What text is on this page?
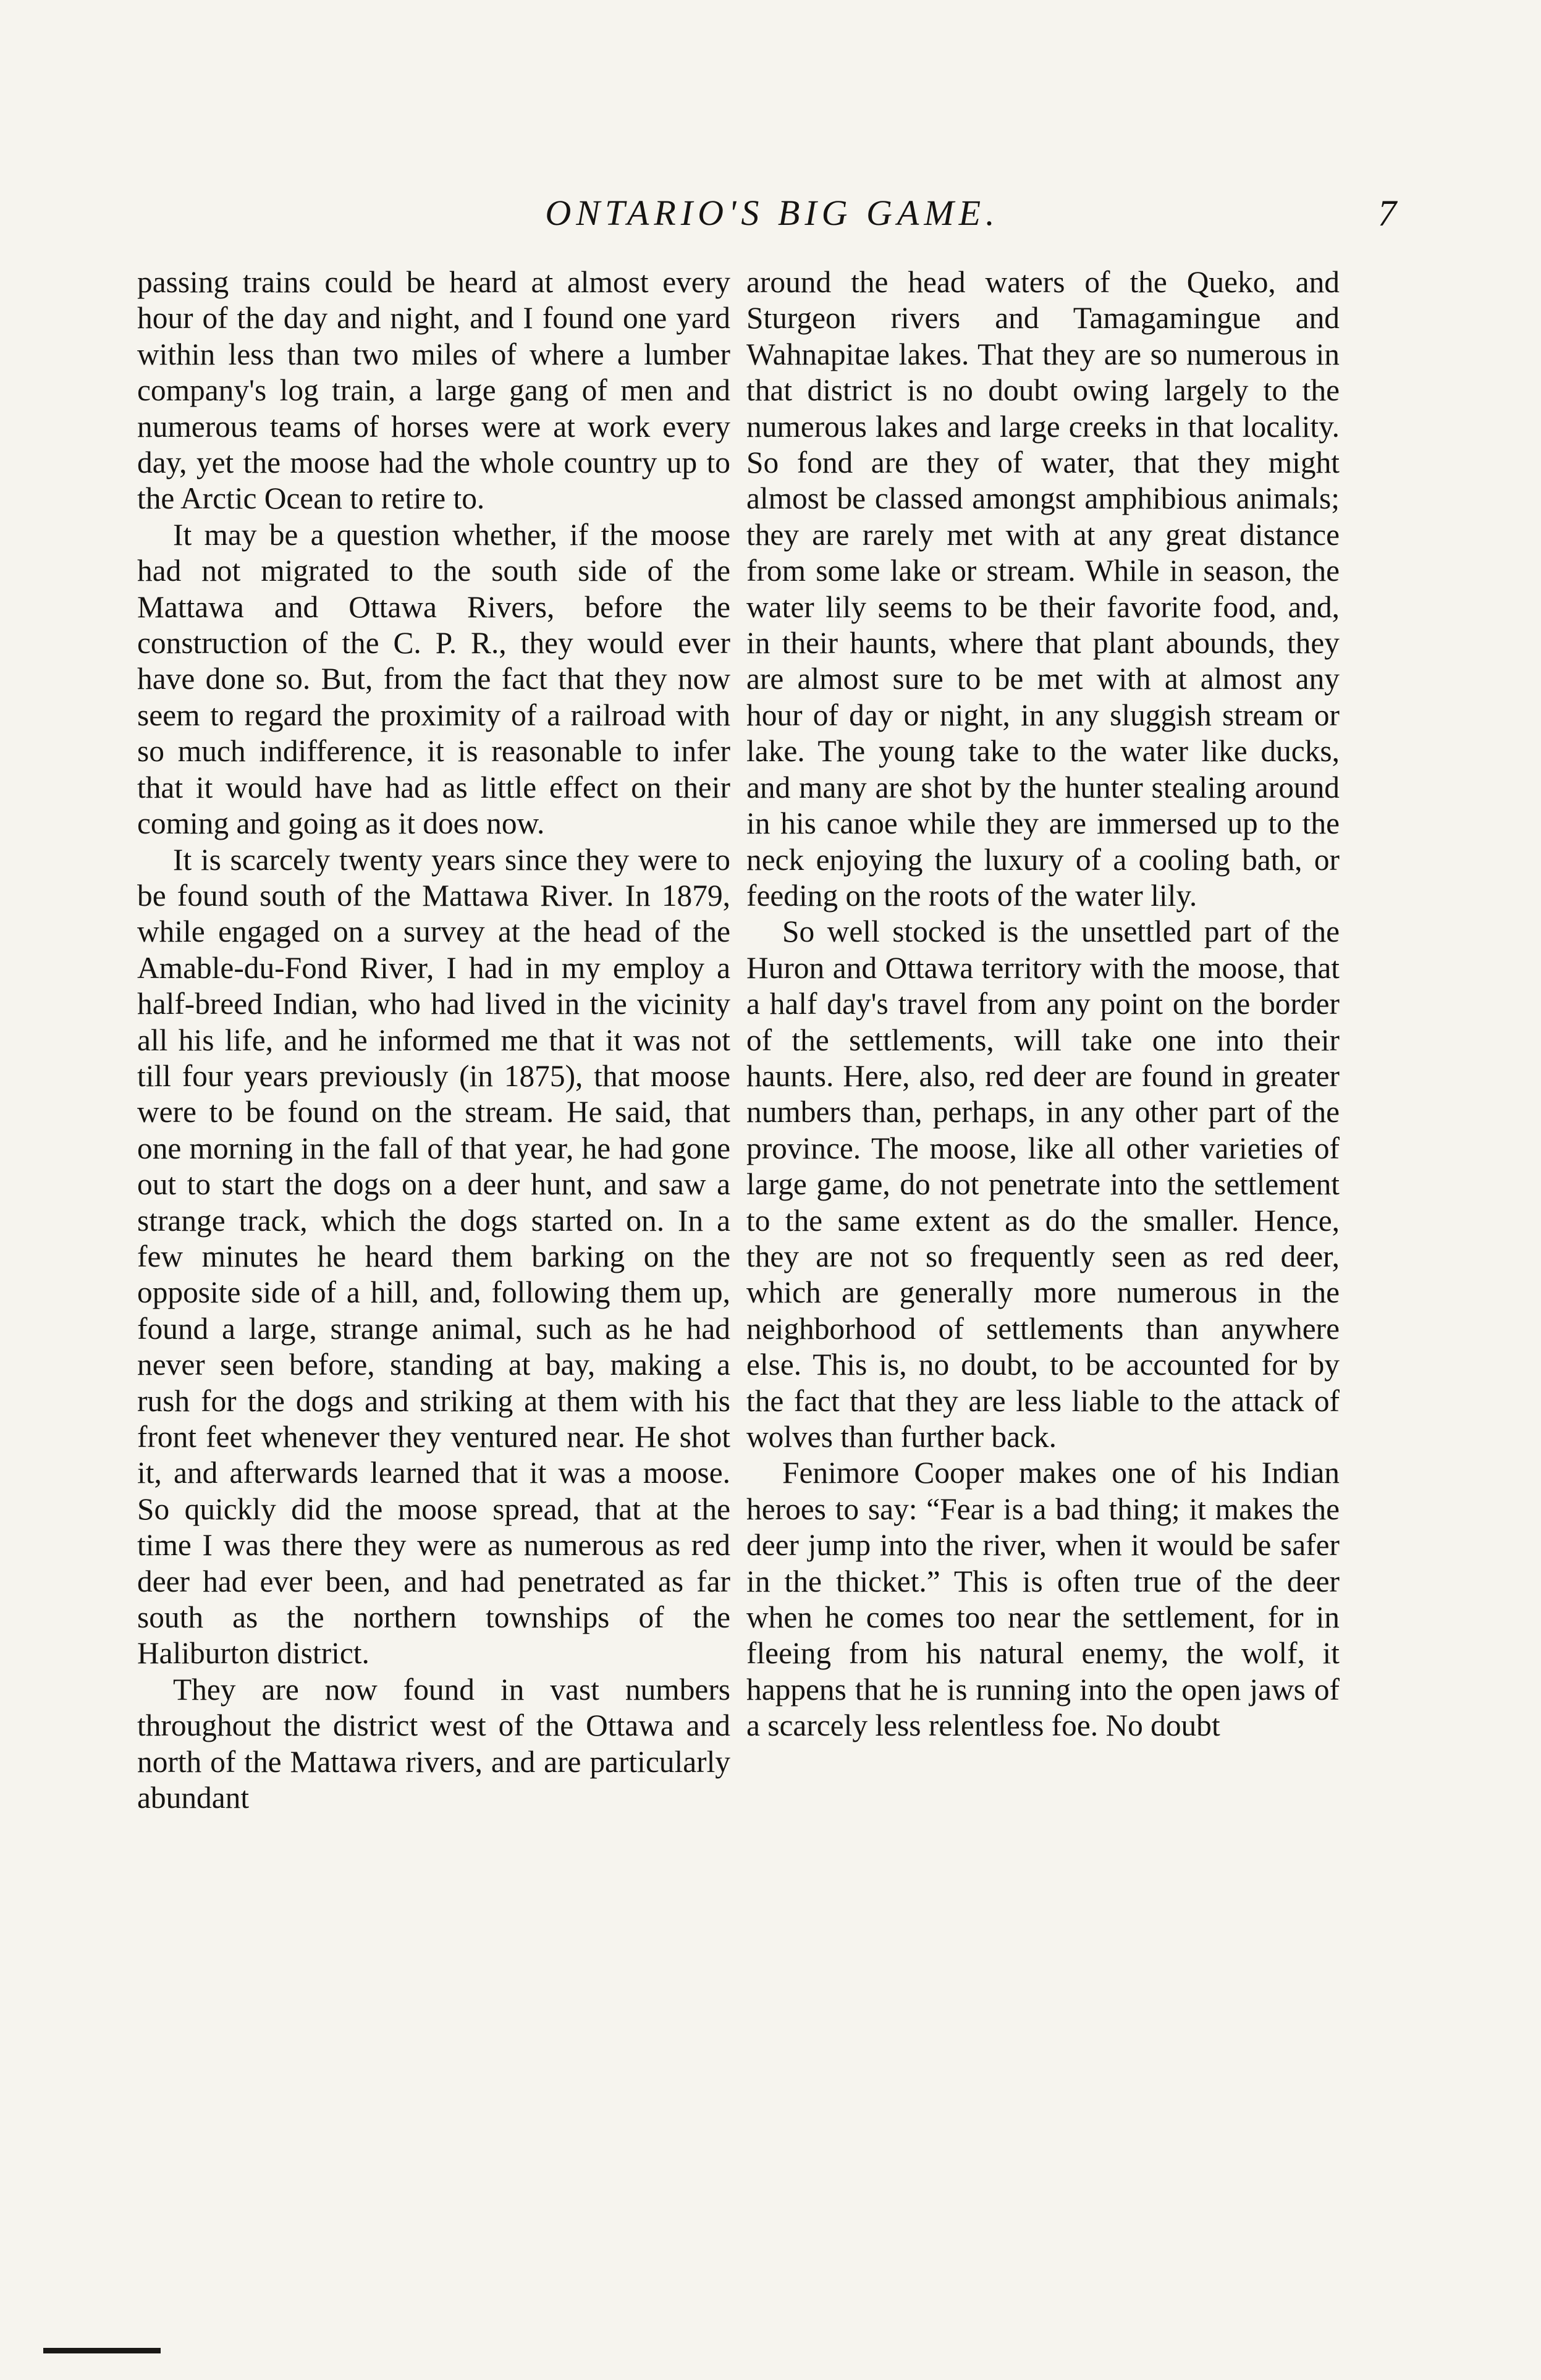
ONTARIO'S BIG GAME.	7

passing trains could be heard at almost every hour of the day and night, and I found one yard within less than two miles of where a lumber company's log train, a large gang of men and numerous teams of horses were at work every day, yet the moose had the whole country up to the Arctic Ocean to retire to.

It may be a question whether, if the moose had not migrated to the south side of the Mattawa and Ottawa Rivers, before the construction of the C. P. R., they would ever have done so. But, from the fact that they now seem to regard the proximity of a railroad with so much indifference, it is reasonable to infer that it would have had as little effect on their coming and going as it does now.

It is scarcely twenty years since they were to be found south of the Mattawa River. In 1879, while engaged on a survey at the head of the Amable-du-Fond River, I had in my employ a half-breed Indian, who had lived in the vicinity all his life, and he informed me that it was not till four years previously (in 1875), that moose were to be found on the stream. He said, that one morning in the fall of that year, he had gone out to start the dogs on a deer hunt, and saw a strange track, which the dogs started on. In a few minutes he heard them barking on the opposite side of a hill, and, following them up, found a large, strange animal, such as he had never seen before, standing at bay, making a rush for the dogs and striking at them with his front feet whenever they ventured near. He shot it, and afterwards learned that it was a moose. So quickly did the moose spread, that at the time I was there they were as numerous as red deer had ever been, and had penetrated as far south as the northern townships of the Haliburton district.

They are now found in vast numbers throughout the district west of the Ottawa and north of the Mattawa rivers, and are particularly abundant

around the head waters of the Queko, and Sturgeon rivers and Tamagamingue and Wahnapitae lakes. That they are so numerous in that district is no doubt owing largely to the numerous lakes and large creeks in that locality. So fond are they of water, that they might almost be classed amongst amphibious animals; they are rarely met with at any great distance from some lake or stream. While in season, the water lily seems to be their favorite food, and, in their haunts, where that plant abounds, they are almost sure to be met with at almost any hour of day or night, in any sluggish stream or lake. The young take to the water like ducks, and many are shot by the hunter stealing around in his canoe while they are immersed up to the neck enjoying the luxury of a cooling bath, or feeding on the roots of the water lily.

So well stocked is the unsettled part of the Huron and Ottawa territory with the moose, that a half day's travel from any point on the border of the settlements, will take one into their haunts. Here, also, red deer are found in greater numbers than, perhaps, in any other part of the province. The moose, like all other varieties of large game, do not penetrate into the settlement to the same extent as do the smaller. Hence, they are not so frequently seen as red deer, which are generally more numerous in the neighborhood of settlements than anywhere else. This is, no doubt, to be accounted for by the fact that they are less liable to the attack of wolves than further back.

Fenimore Cooper makes one of his Indian heroes to say: “Fear is a bad thing; it makes the deer jump into the river, when it would be safer in the thicket.” This is often true of the deer when he comes too near the settlement, for in fleeing from his natural enemy, the wolf, it happens that he is running into the open jaws of a scarcely less relentless foe. No doubt
